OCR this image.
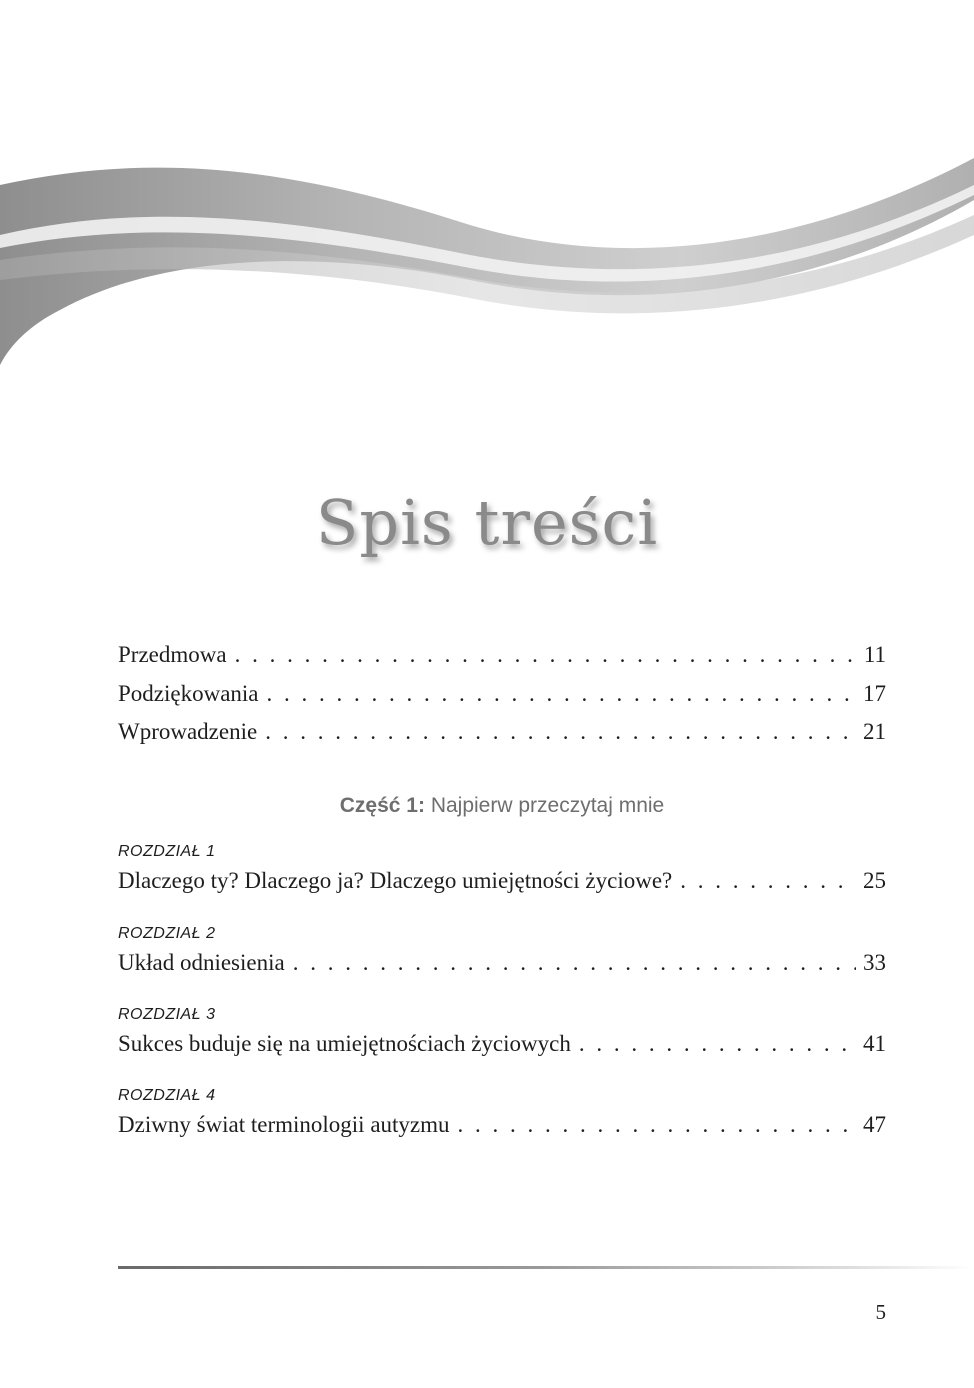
Spis treści
Przedmowa . . .	11
Podziękowania . . .	17
Wprowadzenie . . .	21
Część 1: Najpierw przeczytaj mnie
ROZDZIAŁ 1
Dlaczego ty? Dlaczego ja? Dlaczego umiejętności życiowe? . . .	25
ROZDZIAŁ 2
Układ odniesienia . . .	33
ROZDZIAŁ 3
Sukces buduje się na umiejętnościach życiowych . . .	41
ROZDZIAŁ 4
Dziwny świat terminologii autyzmu . . .	47
5
